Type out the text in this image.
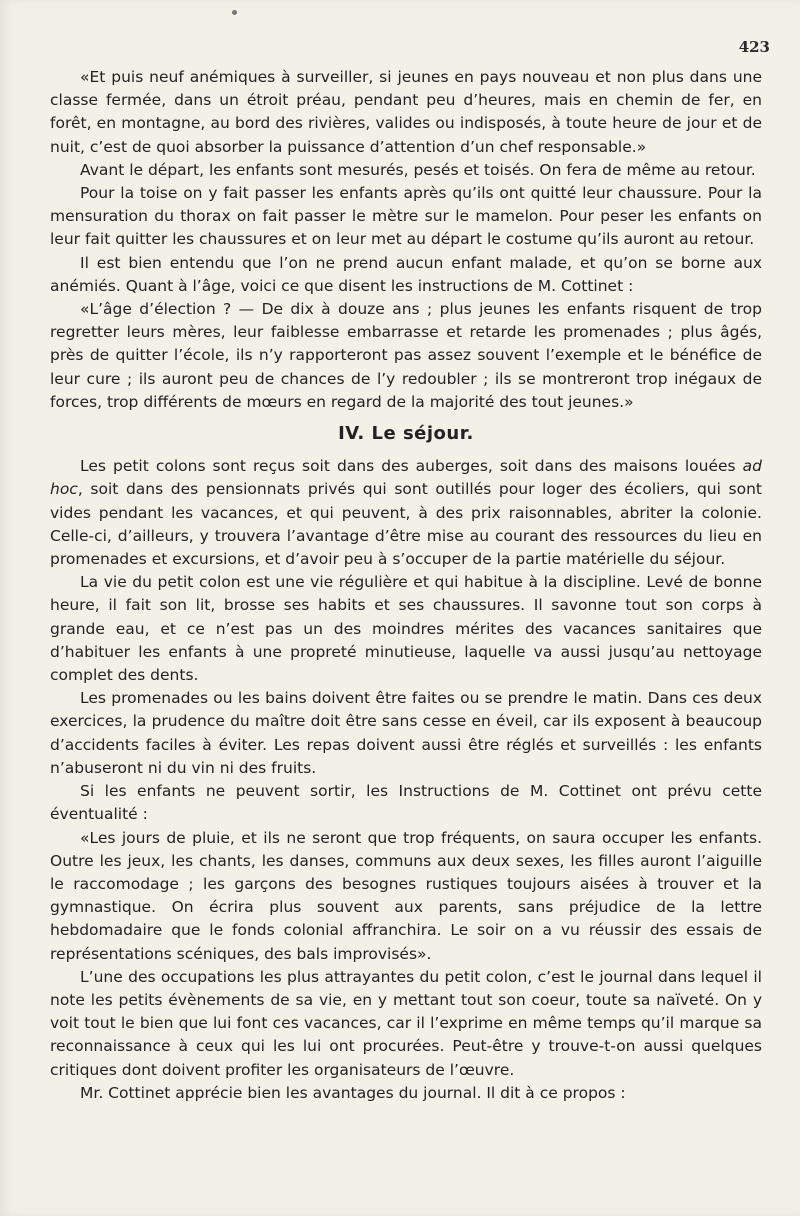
423

«Et puis neuf anémiques à surveiller, si jeunes en pays nouveau et non plus dans une classe fermée, dans un étroit préau, pendant peu d’heures, mais en chemin de fer, en forêt, en montagne, au bord des rivières, valides ou indisposés, à toute heure de jour et de nuit, c’est de quoi absorber la puissance d’attention d’un chef responsable.»

Avant le départ, les enfants sont mesurés, pesés et toisés. On fera de même au retour.

Pour la toise on y fait passer les enfants après qu’ils ont quitté leur chaussure. Pour la mensuration du thorax on fait passer le mètre sur le mamelon. Pour peser les enfants on leur fait quitter les chaussures et on leur met au départ le costume qu’ils auront au retour.

Il est bien entendu que l’on ne prend aucun enfant malade, et qu’on se borne aux anémiés. Quant à l’âge, voici ce que disent les instructions de M. Cottinet :

«L’âge d’élection ? — De dix à douze ans ; plus jeunes les enfants risquent de trop regretter leurs mères, leur faiblesse embarrasse et retarde les promenades ; plus âgés, près de quitter l’école, ils n’y rapporteront pas assez souvent l’exemple et le bénéfice de leur cure ; ils auront peu de chances de l’y redoubler ; ils se montreront trop inégaux de forces, trop différents de mœurs en regard de la majorité des tout jeunes.»

IV. Le séjour.

Les petit colons sont reçus soit dans des auberges, soit dans des maisons louées ad hoc, soit dans des pensionnats privés qui sont outillés pour loger des écoliers, qui sont vides pendant les vacances, et qui peuvent, à des prix raisonnables, abriter la colonie. Celle-ci, d’ailleurs, y trouvera l’avantage d’être mise au courant des ressources du lieu en promenades et excursions, et d’avoir peu à s’occuper de la partie matérielle du séjour.

La vie du petit colon est une vie régulière et qui habitue à la discipline. Levé de bonne heure, il fait son lit, brosse ses habits et ses chaussures. Il savonne tout son corps à grande eau, et ce n’est pas un des moindres mérites des vacances sanitaires que d’habituer les enfants à une propreté minutieuse, laquelle va aussi jusqu’au nettoyage complet des dents.

Les promenades ou les bains doivent être faites ou se prendre le matin. Dans ces deux exercices, la prudence du maître doit être sans cesse en éveil, car ils exposent à beaucoup d’accidents faciles à éviter. Les repas doivent aussi être réglés et surveillés : les enfants n’abuseront ni du vin ni des fruits.

Si les enfants ne peuvent sortir, les Instructions de M. Cottinet ont prévu cette éventualité :

«Les jours de pluie, et ils ne seront que trop fréquents, on saura occuper les enfants. Outre les jeux, les chants, les danses, communs aux deux sexes, les filles auront l’aiguille le raccomodage ; les garçons des besognes rustiques toujours aisées à trouver et la gymnastique. On écrira plus souvent aux parents, sans préjudice de la lettre hebdomadaire que le fonds colonial affranchira. Le soir on a vu réussir des essais de représentations scéniques, des bals improvisés».

L’une des occupations les plus attrayantes du petit colon, c’est le journal dans lequel il note les petits évènements de sa vie, en y mettant tout son coeur, toute sa naïveté. On y voit tout le bien que lui font ces vacances, car il l’exprime en même temps qu’il marque sa reconnaissance à ceux qui les lui ont procurées. Peut-être y trouve-t-on aussi quelques critiques dont doivent profiter les organisateurs de l’œuvre.

Mr. Cottinet apprécie bien les avantages du journal. Il dit à ce propos :
